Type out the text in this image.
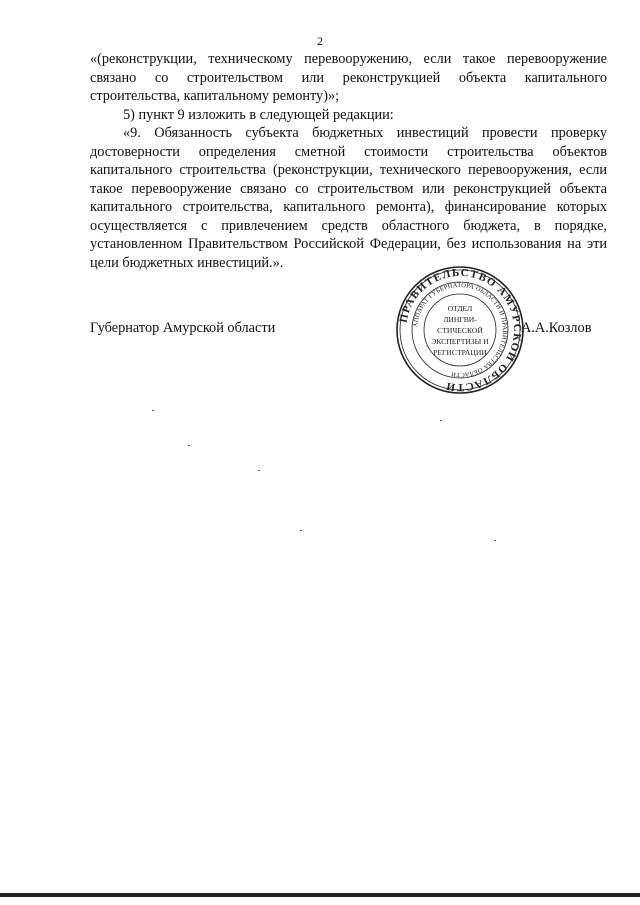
2

«(реконструкции, техническому перевооружению, если такое перевооружение связано со строительством или реконструкцией объекта капитального строительства, капитальному ремонту)»;

5) пункт 9 изложить в следующей редакции:

«9. Обязанность субъекта бюджетных инвестиций провести проверку достоверности определения сметной стоимости строительства объектов капитального строительства (реконструкции, технического перевооружения, если такое перевооружение связано со строительством или реконструкцией объекта капитального строительства, капитального ремонта), финансирование которых осуществляется с привлечением средств областного бюджета, в порядке, установленном Правительством Российской Федерации, без использования на эти цели бюджетных инвестиций.».

Губернатор Амурской области
ПРАВИТЕЛЬСТВО АМУРСКОЙ ОБЛАСТИ
АППАРАТ ГУБЕРНАТОРА ОБЛАСТИ И ПРАВИТЕЛЬСТВА ОБЛАСТИ
ОТДЕЛ
ЛИНГВИ-
СТИЧЕСКОЙ
ЭКСПЕРТИЗЫ И
РЕГИСТРАЦИИ
А.А.Козлов
